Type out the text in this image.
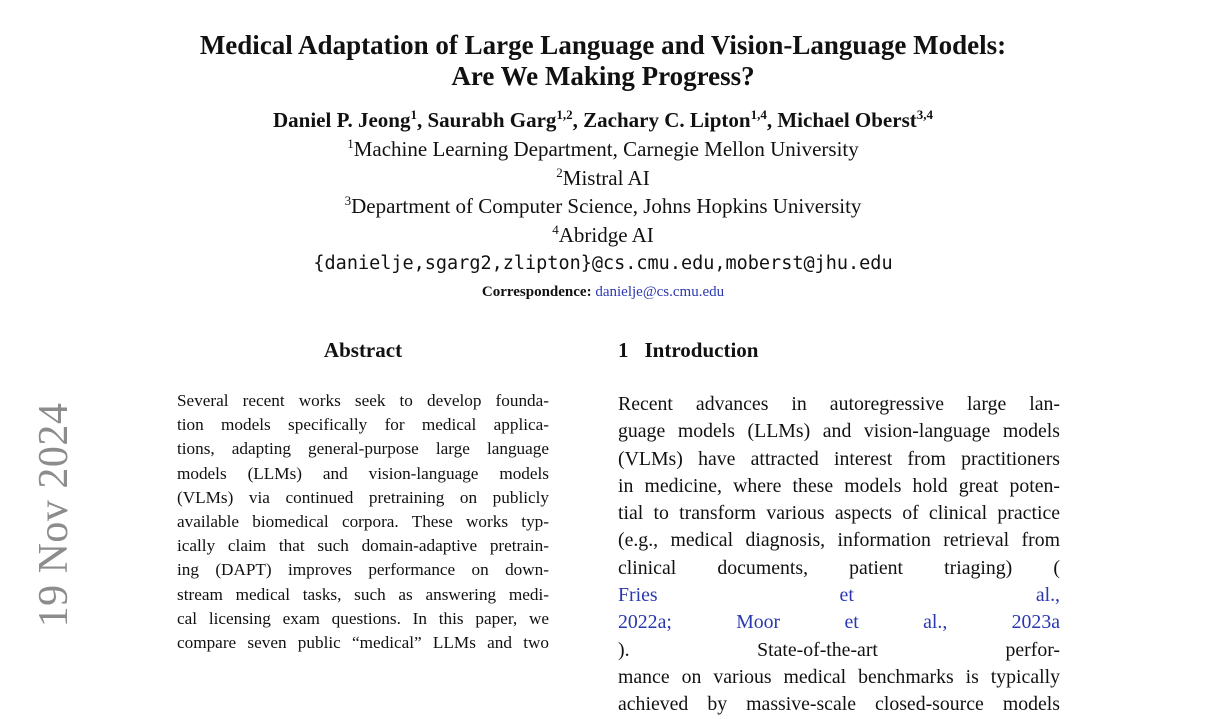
19 Nov 2024
Medical Adaptation of Large Language and Vision-Language Models:
Are We Making Progress?
Daniel P. Jeong$^1$, Saurabh Garg$^{1,2}$, Zachary C. Lipton$^{1,4}$, Michael Oberst$^{3,4}$
$^1$Machine Learning Department, Carnegie Mellon University
$^2$Mistral AI
$^3$Department of Computer Science, Johns Hopkins University
$^4$Abridge AI
{danielje,sgarg2,zlipton}@cs.cmu.edu,moberst@jhu.edu
Correspondence: danielje@cs.cmu.edu
Abstract

Several recent works seek to develop founda-
tion models specifically for medical applica-
tions, adapting general-purpose large language
models (LLMs) and vision-language models
(VLMs) via continued pretraining on publicly
available biomedical corpora. These works typ-
ically claim that such domain-adaptive pretrain-
ing (DAPT) improves performance on down-
stream medical tasks, such as answering medi-
cal licensing exam questions. In this paper, we
compare seven public “medical” LLMs and two

1 Introduction

Recent advances in autoregressive large lan-
guage models (LLMs) and vision-language models
(VLMs) have attracted interest from practitioners
in medicine, where these models hold great poten-
tial to transform various aspects of clinical practice
(e.g., medical diagnosis, information retrieval from
clinical documents, patient triaging) (
Fries et al.,
2022a; Moor et al., 2023a
). State-of-the-art perfor-
mance on various medical benchmarks is typically
achieved by massive-scale closed-source models
